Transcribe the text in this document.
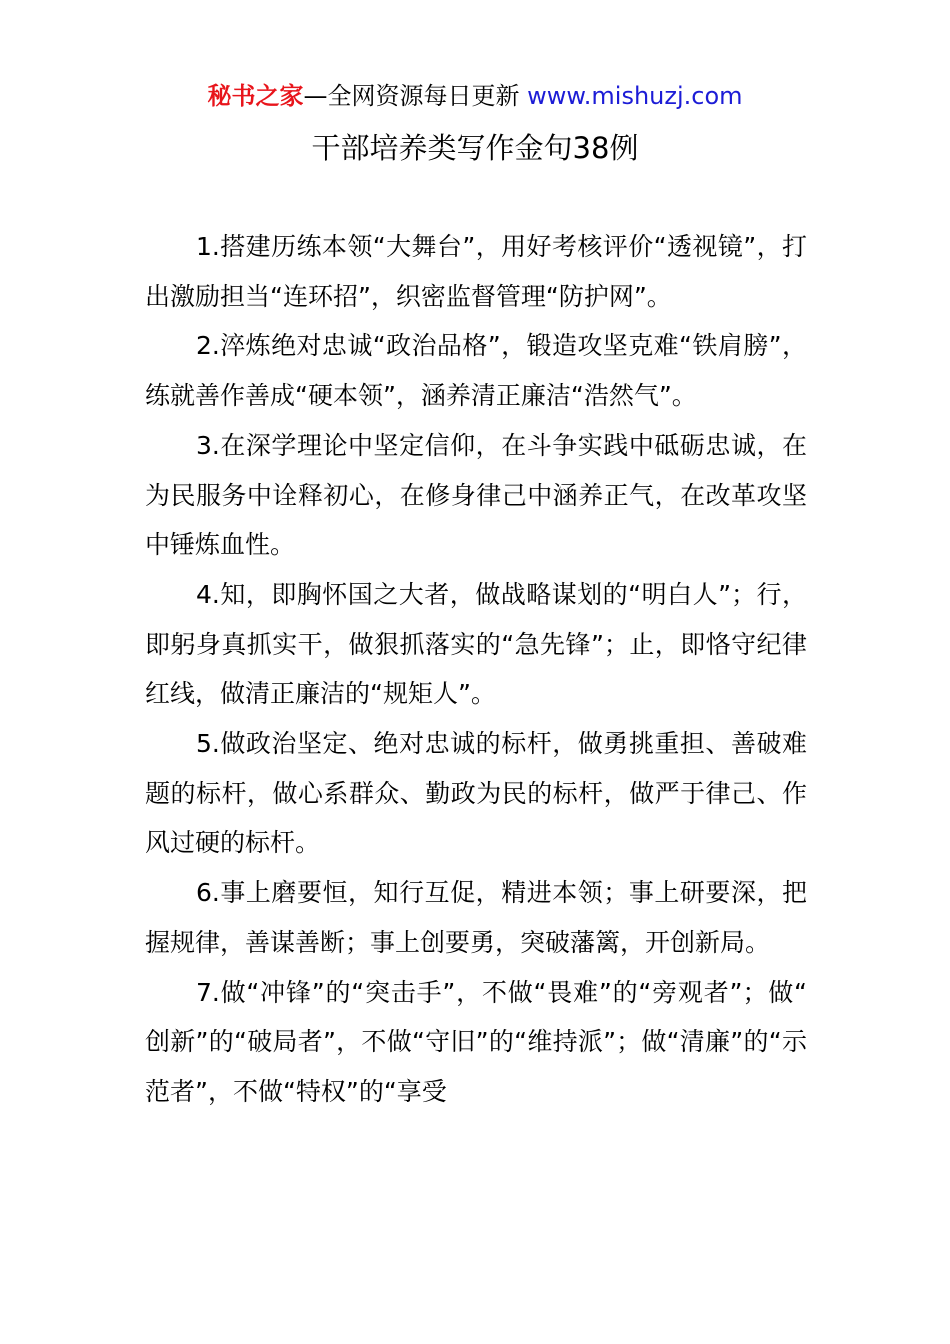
秘书之家—全网资源每日更新 www.mishuzj.com
干部培养类写作金句38例

1.搭建历练本领“大舞台”，用好考核评价“透视镜”，打出激励担当“连环招”，织密监督管理“防护网”。

2.淬炼绝对忠诚“政治品格”，锻造攻坚克难“铁肩膀”，练就善作善成“硬本领”，涵养清正廉洁“浩然气”。

3.在深学理论中坚定信仰，在斗争实践中砥砺忠诚，在为民服务中诠释初心，在修身律己中涵养正气，在改革攻坚中锤炼血性。

4.知，即胸怀国之大者，做战略谋划的“明白人”；行，即躬身真抓实干，做狠抓落实的“急先锋”；止，即恪守纪律红线，做清正廉洁的“规矩人”。

5.做政治坚定、绝对忠诚的标杆，做勇挑重担、善破难题的标杆，做心系群众、勤政为民的标杆，做严于律己、作风过硬的标杆。

6.事上磨要恒，知行互促，精进本领；事上研要深，把握规律，善谋善断；事上创要勇，突破藩篱，开创新局。

7.做“冲锋”的“突击手”，不做“畏难”的“旁观者”；做“创新”的“破局者”，不做“守旧”的“维持派”；做“清廉”的“示范者”，不做“特权”的“享受
